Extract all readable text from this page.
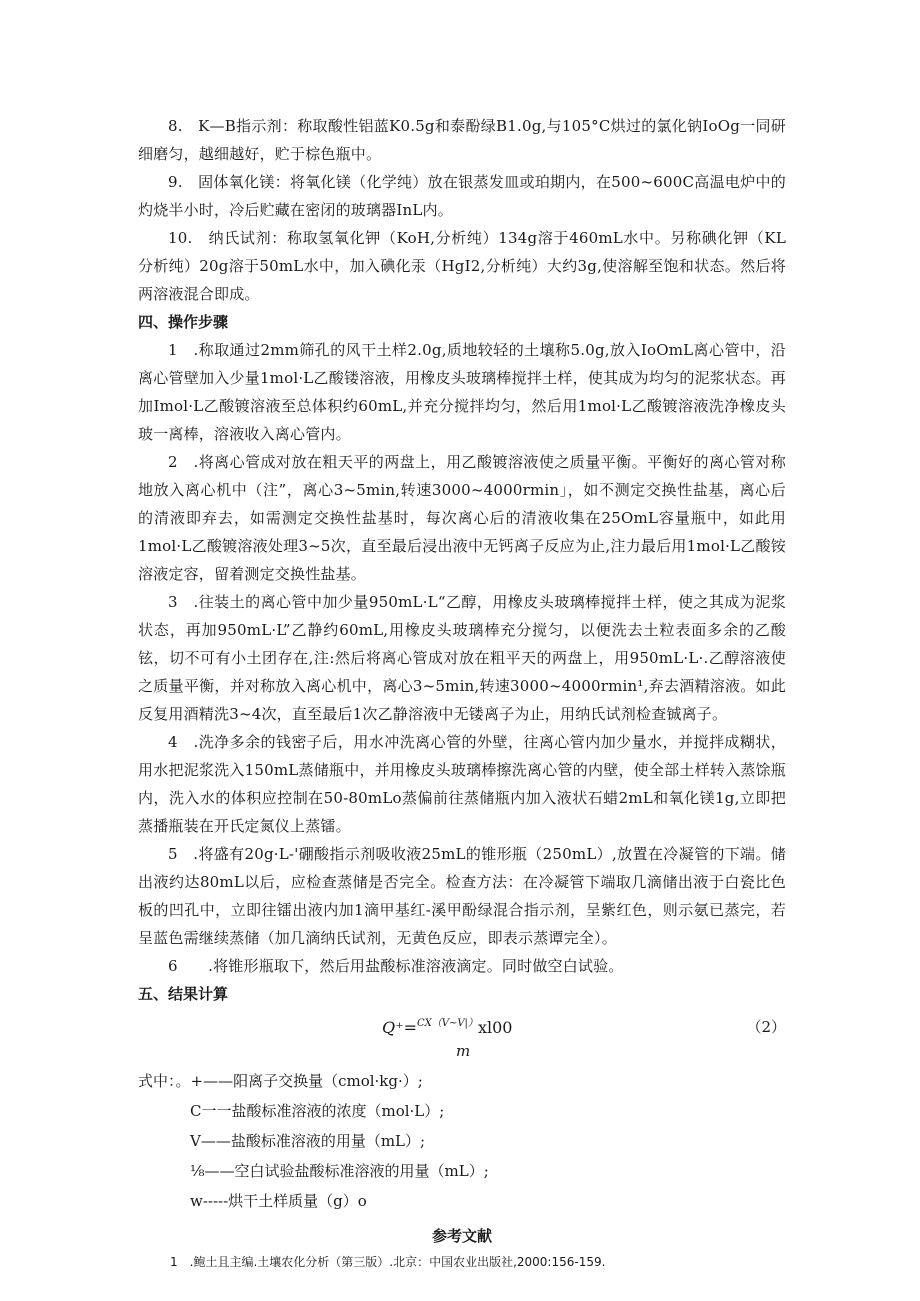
8.　K—B指示剂：称取酸性铝蓝K0.5g和泰酚绿B1.0g,与105°C烘过的氯化钠IoOg一同研细磨匀，越细越好，贮于棕色瓶中。

9.　固体氧化镁：将氧化镁（化学纯）放在银蒸发皿或珀期内，在500~600C高温电炉中的灼烧半小时，冷后贮藏在密闭的玻璃器InL内。

10.　纳氏试剂：称取氢氧化钾（KoH,分析纯）134g溶于460mL水中。另称碘化钾（KL分析纯）20g溶于50mL水中，加入碘化汞（HgI2,分析纯）大约3g,使溶解至饱和状态。然后将两溶液混合即成。

四、操作步骤

1　.称取通过2mm筛孔的风干土样2.0g,质地较轻的土壤称5.0g,放入IoOmL离心管中，沿离心管壁加入少量1mol·L乙酸镂溶液，用橡皮头玻璃棒搅拌土样，使其成为均匀的泥浆状态。再加Imol·L乙酸镀溶液至总体积约60mL,并充分搅拌均匀，然后用1mol·L乙酸镀溶液洗净橡皮头玻一离棒，溶液收入离心管内。

2　.将离心管成对放在粗天平的两盘上，用乙酸镀溶液使之质量平衡。平衡好的离心管对称地放入离心机中（注”，离心3~5min,转速3000~4000rmin」，如不测定交换性盐基，离心后的清液即弃去，如需测定交换性盐基时，每次离心后的清液收集在25OmL容量瓶中，如此用1mol·L乙酸镀溶液处理3~5次，直至最后浸出液中无钙离子反应为止,注力最后用1mol·L乙酸铵溶液定容，留着测定交换性盐基。

3　.往装土的离心管中加少量950mL·L“乙醇，用橡皮头玻璃棒搅拌土样，使之其成为泥浆状态，再加950mL·L”乙静约60mL,用橡皮头玻璃棒充分搅匀，以便洗去土粒表面多余的乙酸铉，切不可有小土团存在,注:然后将离心管成对放在粗平天的两盘上，用950mL·L·.乙醇溶液使之质量平衡，并对称放入离心机中，离心3~5min,转速3000~4000rmin¹,弃去酒精溶液。如此反复用酒精洗3~4次，直至最后1次乙静溶液中无镂离子为止，用纳氏试剂检查铖离子。

4　.洗净多余的钱密子后，用水冲洗离心管的外壁，往离心管内加少量水，并搅拌成糊状，用水把泥浆洗入150mL蒸储瓶中，并用橡皮头玻璃棒擦洗离心管的内壁，使全部土样转入蒸馀瓶内，洗入水的体积应控制在50-80mLo蒸偏前往蒸储瓶内加入液状石蜡2mL和氧化镁1g,立即把蒸播瓶装在开氏定氮仪上蒸镭。

5　.将盛有20g·L-'硼酸指示剂吸收液25mL的锥形瓶（250mL）,放置在冷凝管的下端。储出液约达80mL以后，应检查蒸储是否完全。检查方法：在冷凝管下端取几滴储出液于白瓷比色板的凹孔中，立即往镭出液内加1滴甲基红-溪甲酚绿混合指示剂，呈紫红色，则示氨已蒸完，若呈蓝色需继续蒸储（加几滴纳氏试剂，无黄色反应，即表示蒸谭完全）。

6　　.将锥形瓶取下，然后用盐酸标准溶液滴定。同时做空白试验。

五、结果计算

Q⁺=$^{CX(V\sim V|)}$xl00
m
（2）

式中：。+——阳离子交换量（cmol·kg·）;

C一一盐酸标准溶液的浓度（mol·L）;

V——盐酸标准溶液的用量（mL）;

⅛——空白试验盐酸标准溶液的用量（mL）;

w-----烘干土样质量（g）o

参考文献

1　.鲍土且主编.土壤农化分析（第三版）.北京：中国农业出版社,2000:156-159.
